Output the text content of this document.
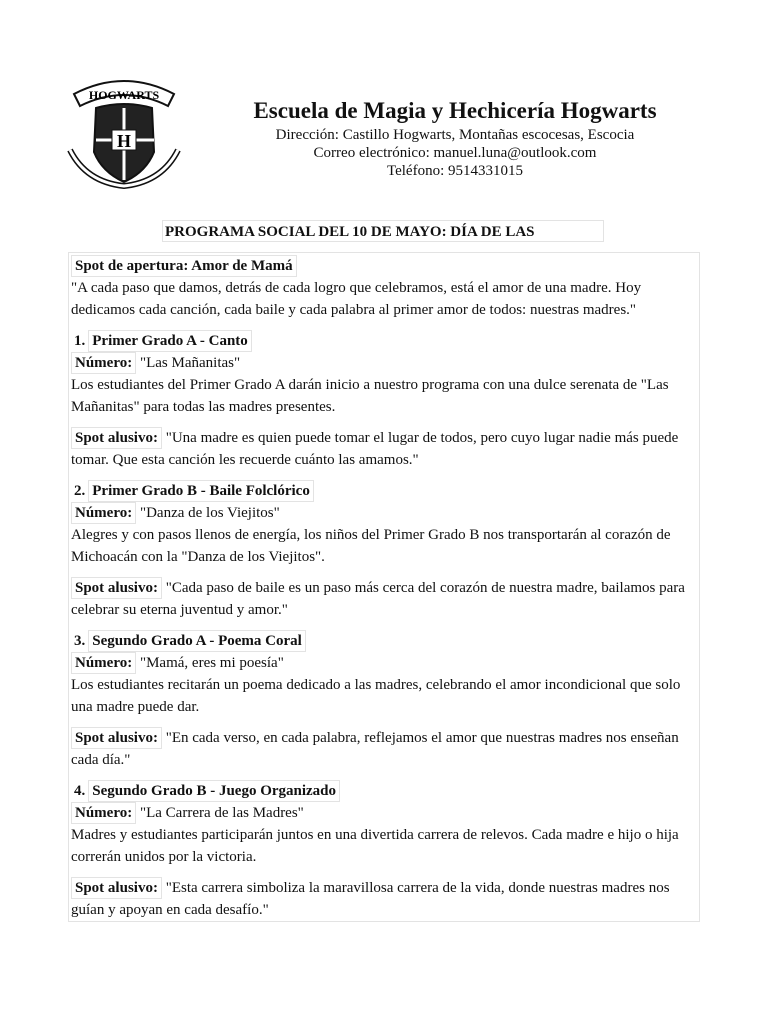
HOGWARTS
H
Escuela de Magia y Hechicería Hogwarts
Dirección: Castillo Hogwarts, Montañas escocesas, Escocia
Correo electrónico: manuel.luna@outlook.com
Teléfono: 9514331015
PROGRAMA SOCIAL DEL 10 DE MAYO: DÍA DE LAS
Spot de apertura: Amor de Mamá

"A cada paso que damos, detrás de cada logro que celebramos, está el amor de una madre. Hoy dedicamos cada canción, cada baile y cada palabra al primer amor de todos: nuestras madres."

1. Primer Grado A - Canto
Número: "Las Mañanitas"

Los estudiantes del Primer Grado A darán inicio a nuestro programa con una dulce serenata de "Las Mañanitas" para todas las madres presentes.

Spot alusivo: "Una madre es quien puede tomar el lugar de todos, pero cuyo lugar nadie más puede tomar. Que esta canción les recuerde cuánto las amamos."

2. Primer Grado B - Baile Folclórico
Número: "Danza de los Viejitos"

Alegres y con pasos llenos de energía, los niños del Primer Grado B nos transportarán al corazón de Michoacán con la "Danza de los Viejitos".

Spot alusivo: "Cada paso de baile es un paso más cerca del corazón de nuestra madre, bailamos para celebrar su eterna juventud y amor."

3. Segundo Grado A - Poema Coral
Número: "Mamá, eres mi poesía"

Los estudiantes recitarán un poema dedicado a las madres, celebrando el amor incondicional que solo una madre puede dar.

Spot alusivo: "En cada verso, en cada palabra, reflejamos el amor que nuestras madres nos enseñan cada día."

4. Segundo Grado B - Juego Organizado
Número: "La Carrera de las Madres"

Madres y estudiantes participarán juntos en una divertida carrera de relevos. Cada madre e hijo o hija correrán unidos por la victoria.

Spot alusivo: "Esta carrera simboliza la maravillosa carrera de la vida, donde nuestras madres nos guían y apoyan en cada desafío."
